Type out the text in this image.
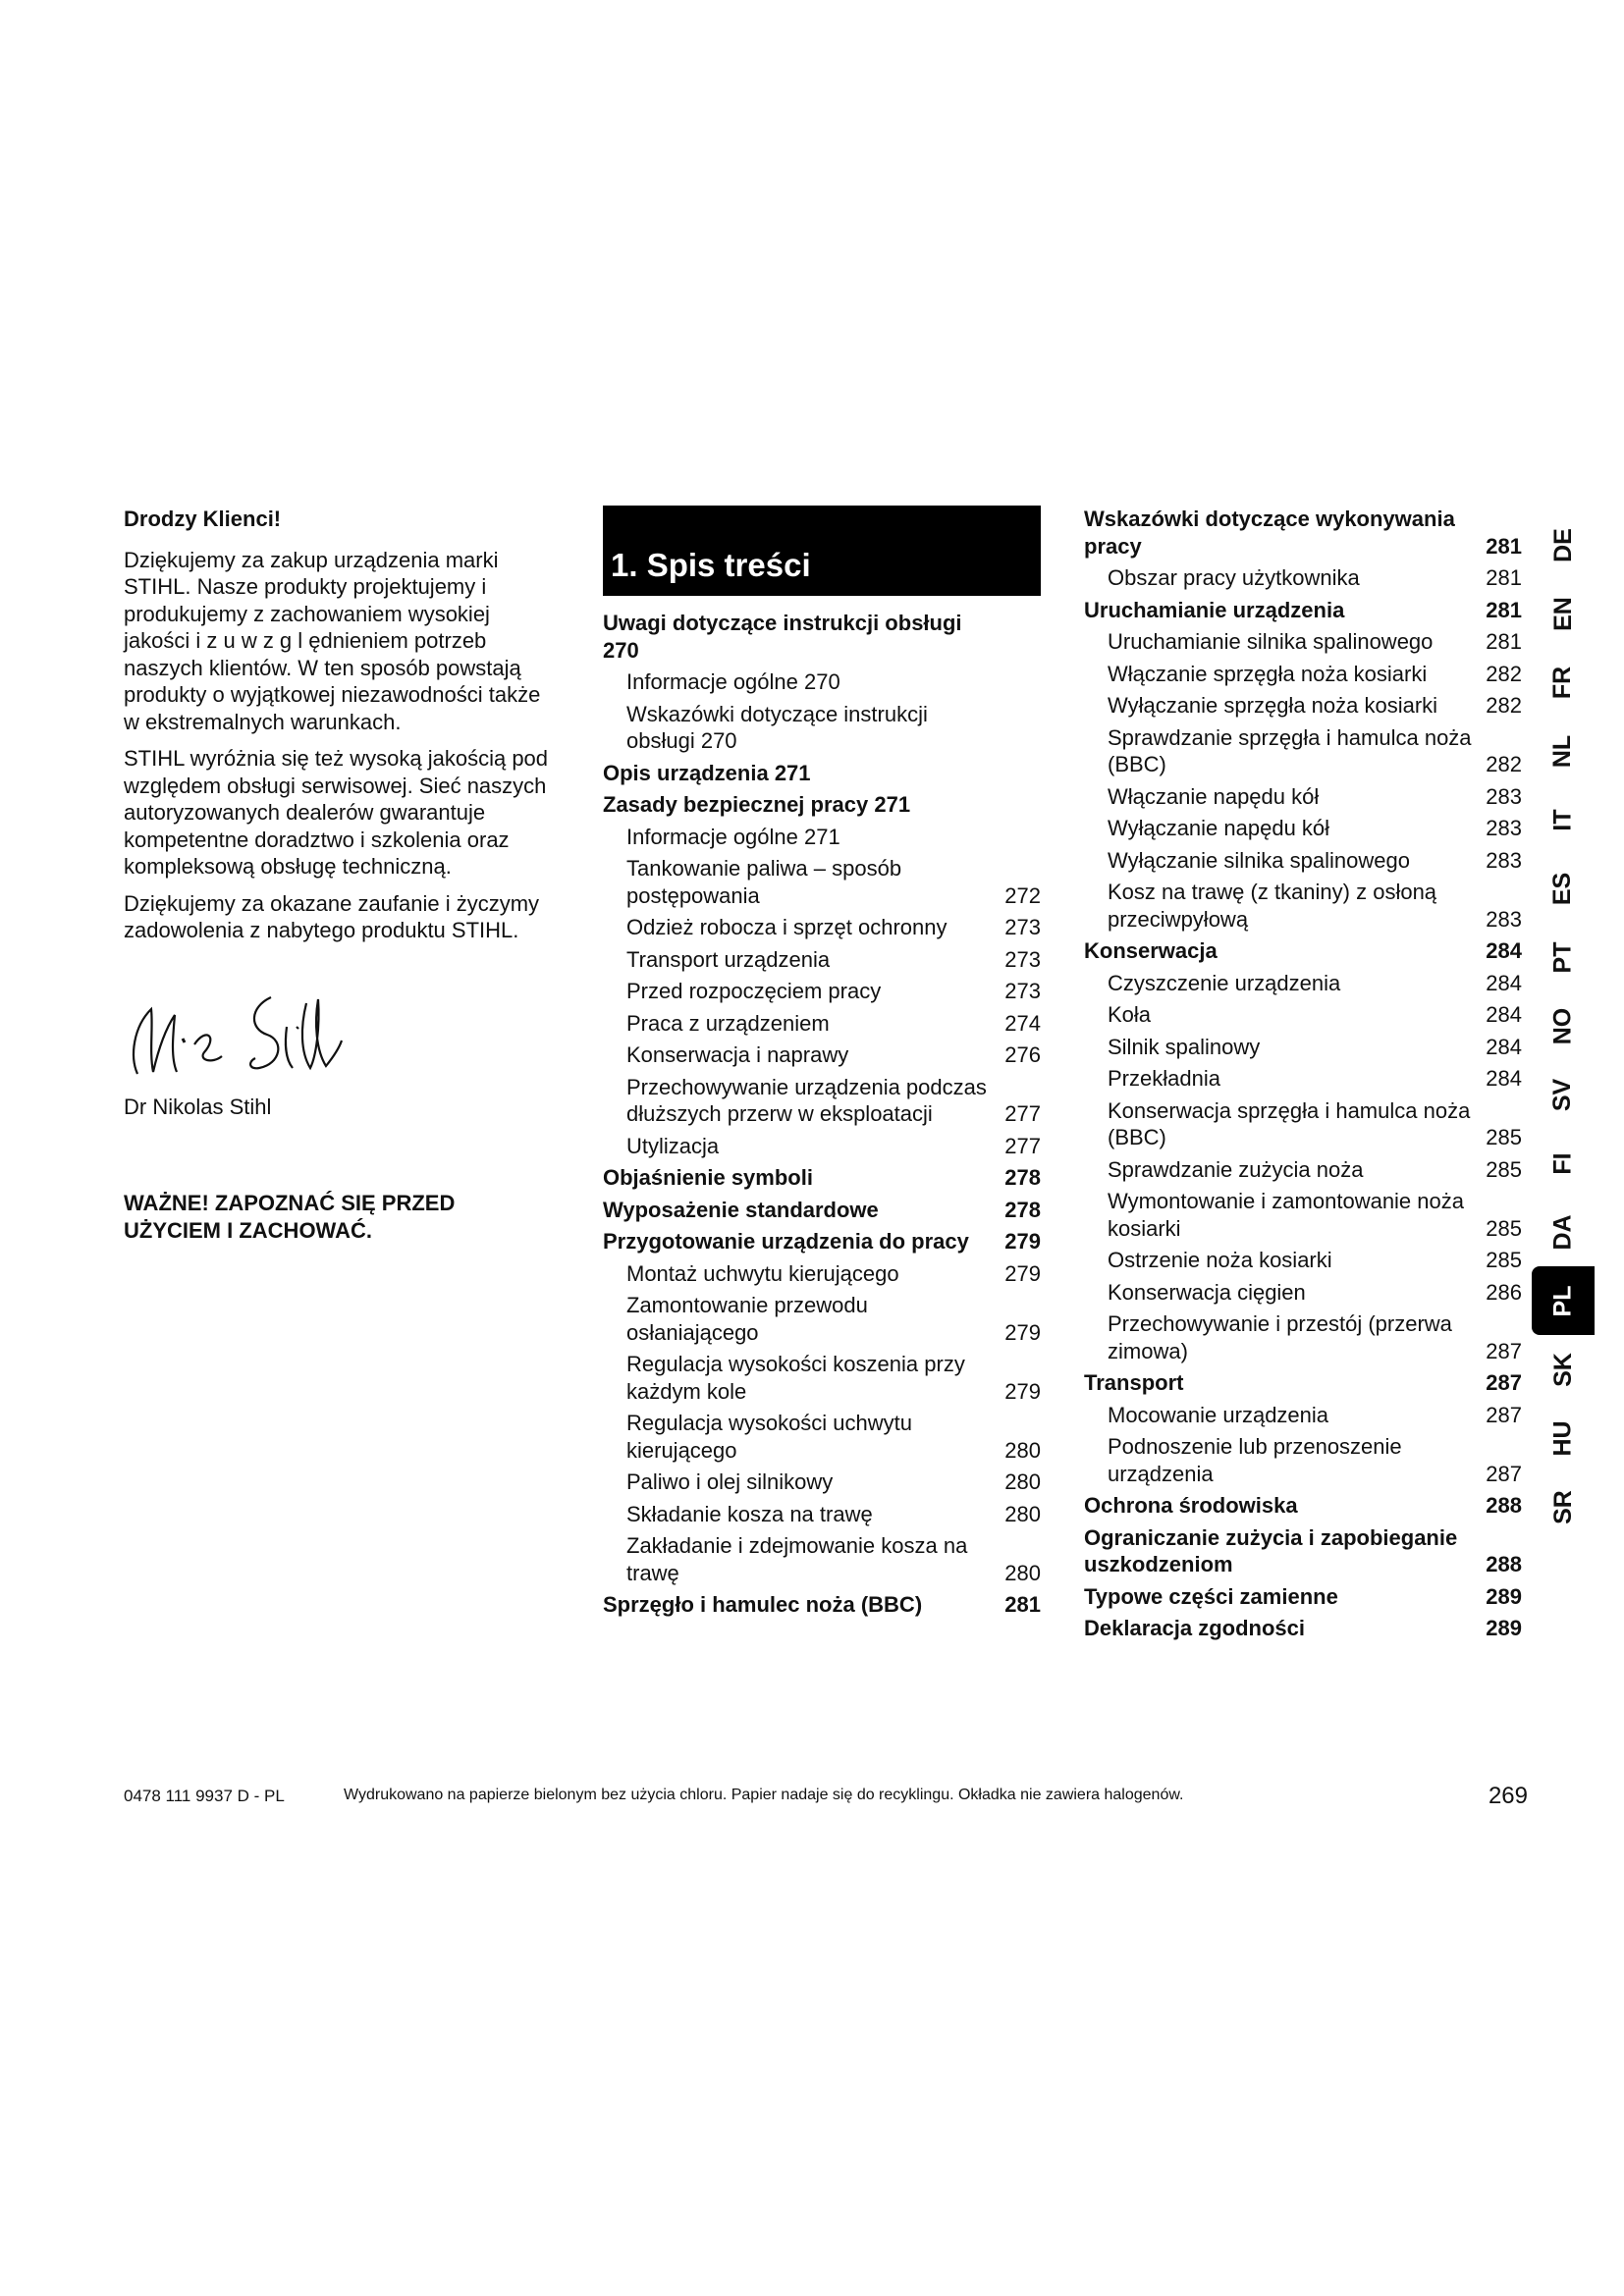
Drodzy Klienci!

Dziękujemy za zakup urządzenia marki STIHL. Nasze produkty projektujemy i produkujemy z zachowaniem wysokiej jakości i z u w z g l ędnieniem potrzeb naszych klientów. W ten sposób powstają produkty o wyjątkowej niezawodności także w ekstremalnych warunkach.

STIHL wyróżnia się też wysoką jakością pod względem obsługi serwisowej. Sieć naszych autoryzowanych dealerów gwarantuje kompetentne doradztwo i szkolenia oraz kompleksową obsługę techniczną.

Dziękujemy za okazane zaufanie i życzymy zadowolenia z nabytego produktu STIHL.

Dr Nikolas Stihl
WAŻNE! ZAPOZNAĆ SIĘ PRZED
UŻYCIEM I ZACHOWAĆ.
1. Spis treści
Uwagi dotyczące instrukcji obsługi 270
Informacje ogólne 270
Wskazówki dotyczące instrukcji obsługi 270
Opis urządzenia 271
Zasady bezpiecznej pracy 271
Informacje ogólne 271
Tankowanie paliwa – sposób postępowania	272
Odzież robocza i sprzęt ochronny	273
Transport urządzenia	273
Przed rozpoczęciem pracy	273
Praca z urządzeniem	274
Konserwacja i naprawy	276
Przechowywanie urządzenia podczas dłuższych przerw w eksploatacji	277
Utylizacja	277
Objaśnienie symboli	278
Wyposażenie standardowe	278
Przygotowanie urządzenia do pracy	279
Montaż uchwytu kierującego	279
Zamontowanie przewodu osłaniającego	279
Regulacja wysokości koszenia przy każdym kole	279
Regulacja wysokości uchwytu kierującego	280
Paliwo i olej silnikowy	280
Składanie kosza na trawę	280
Zakładanie i zdejmowanie kosza na trawę	280
Sprzęgło i hamulec noża (BBC)	281
Wskazówki dotyczące wykonywania pracy	281
Obszar pracy użytkownika	281
Uruchamianie urządzenia	281
Uruchamianie silnika spalinowego	281
Włączanie sprzęgła noża kosiarki	282
Wyłączanie sprzęgła noża kosiarki	282
Sprawdzanie sprzęgła i hamulca noża (BBC)	282
Włączanie napędu kół	283
Wyłączanie napędu kół	283
Wyłączanie silnika spalinowego	283
Kosz na trawę (z tkaniny) z osłoną przeciwpyłową	283
Konserwacja	284
Czyszczenie urządzenia	284
Koła	284
Silnik spalinowy	284
Przekładnia	284
Konserwacja sprzęgła i hamulca noża (BBC)	285
Sprawdzanie zużycia noża	285
Wymontowanie i zamontowanie noża kosiarki	285
Ostrzenie noża kosiarki	285
Konserwacja cięgien	286
Przechowywanie i przestój (przerwa zimowa)	287
Transport	287
Mocowanie urządzenia	287
Podnoszenie lub przenoszenie urządzenia	287
Ochrona środowiska	288
Ograniczanie zużycia i zapobieganie uszkodzeniom	288
Typowe części zamienne	289
Deklaracja zgodności	289
DE
EN
FR
NL
IT
ES
PT
NO
SV
FI
DA
PL
SK
HU
SR
0478 111 9937 D - PL	Wydrukowano na papierze bielonym bez użycia chloru. Papier nadaje się do recyklingu. Okładka nie zawiera halogenów.	269
